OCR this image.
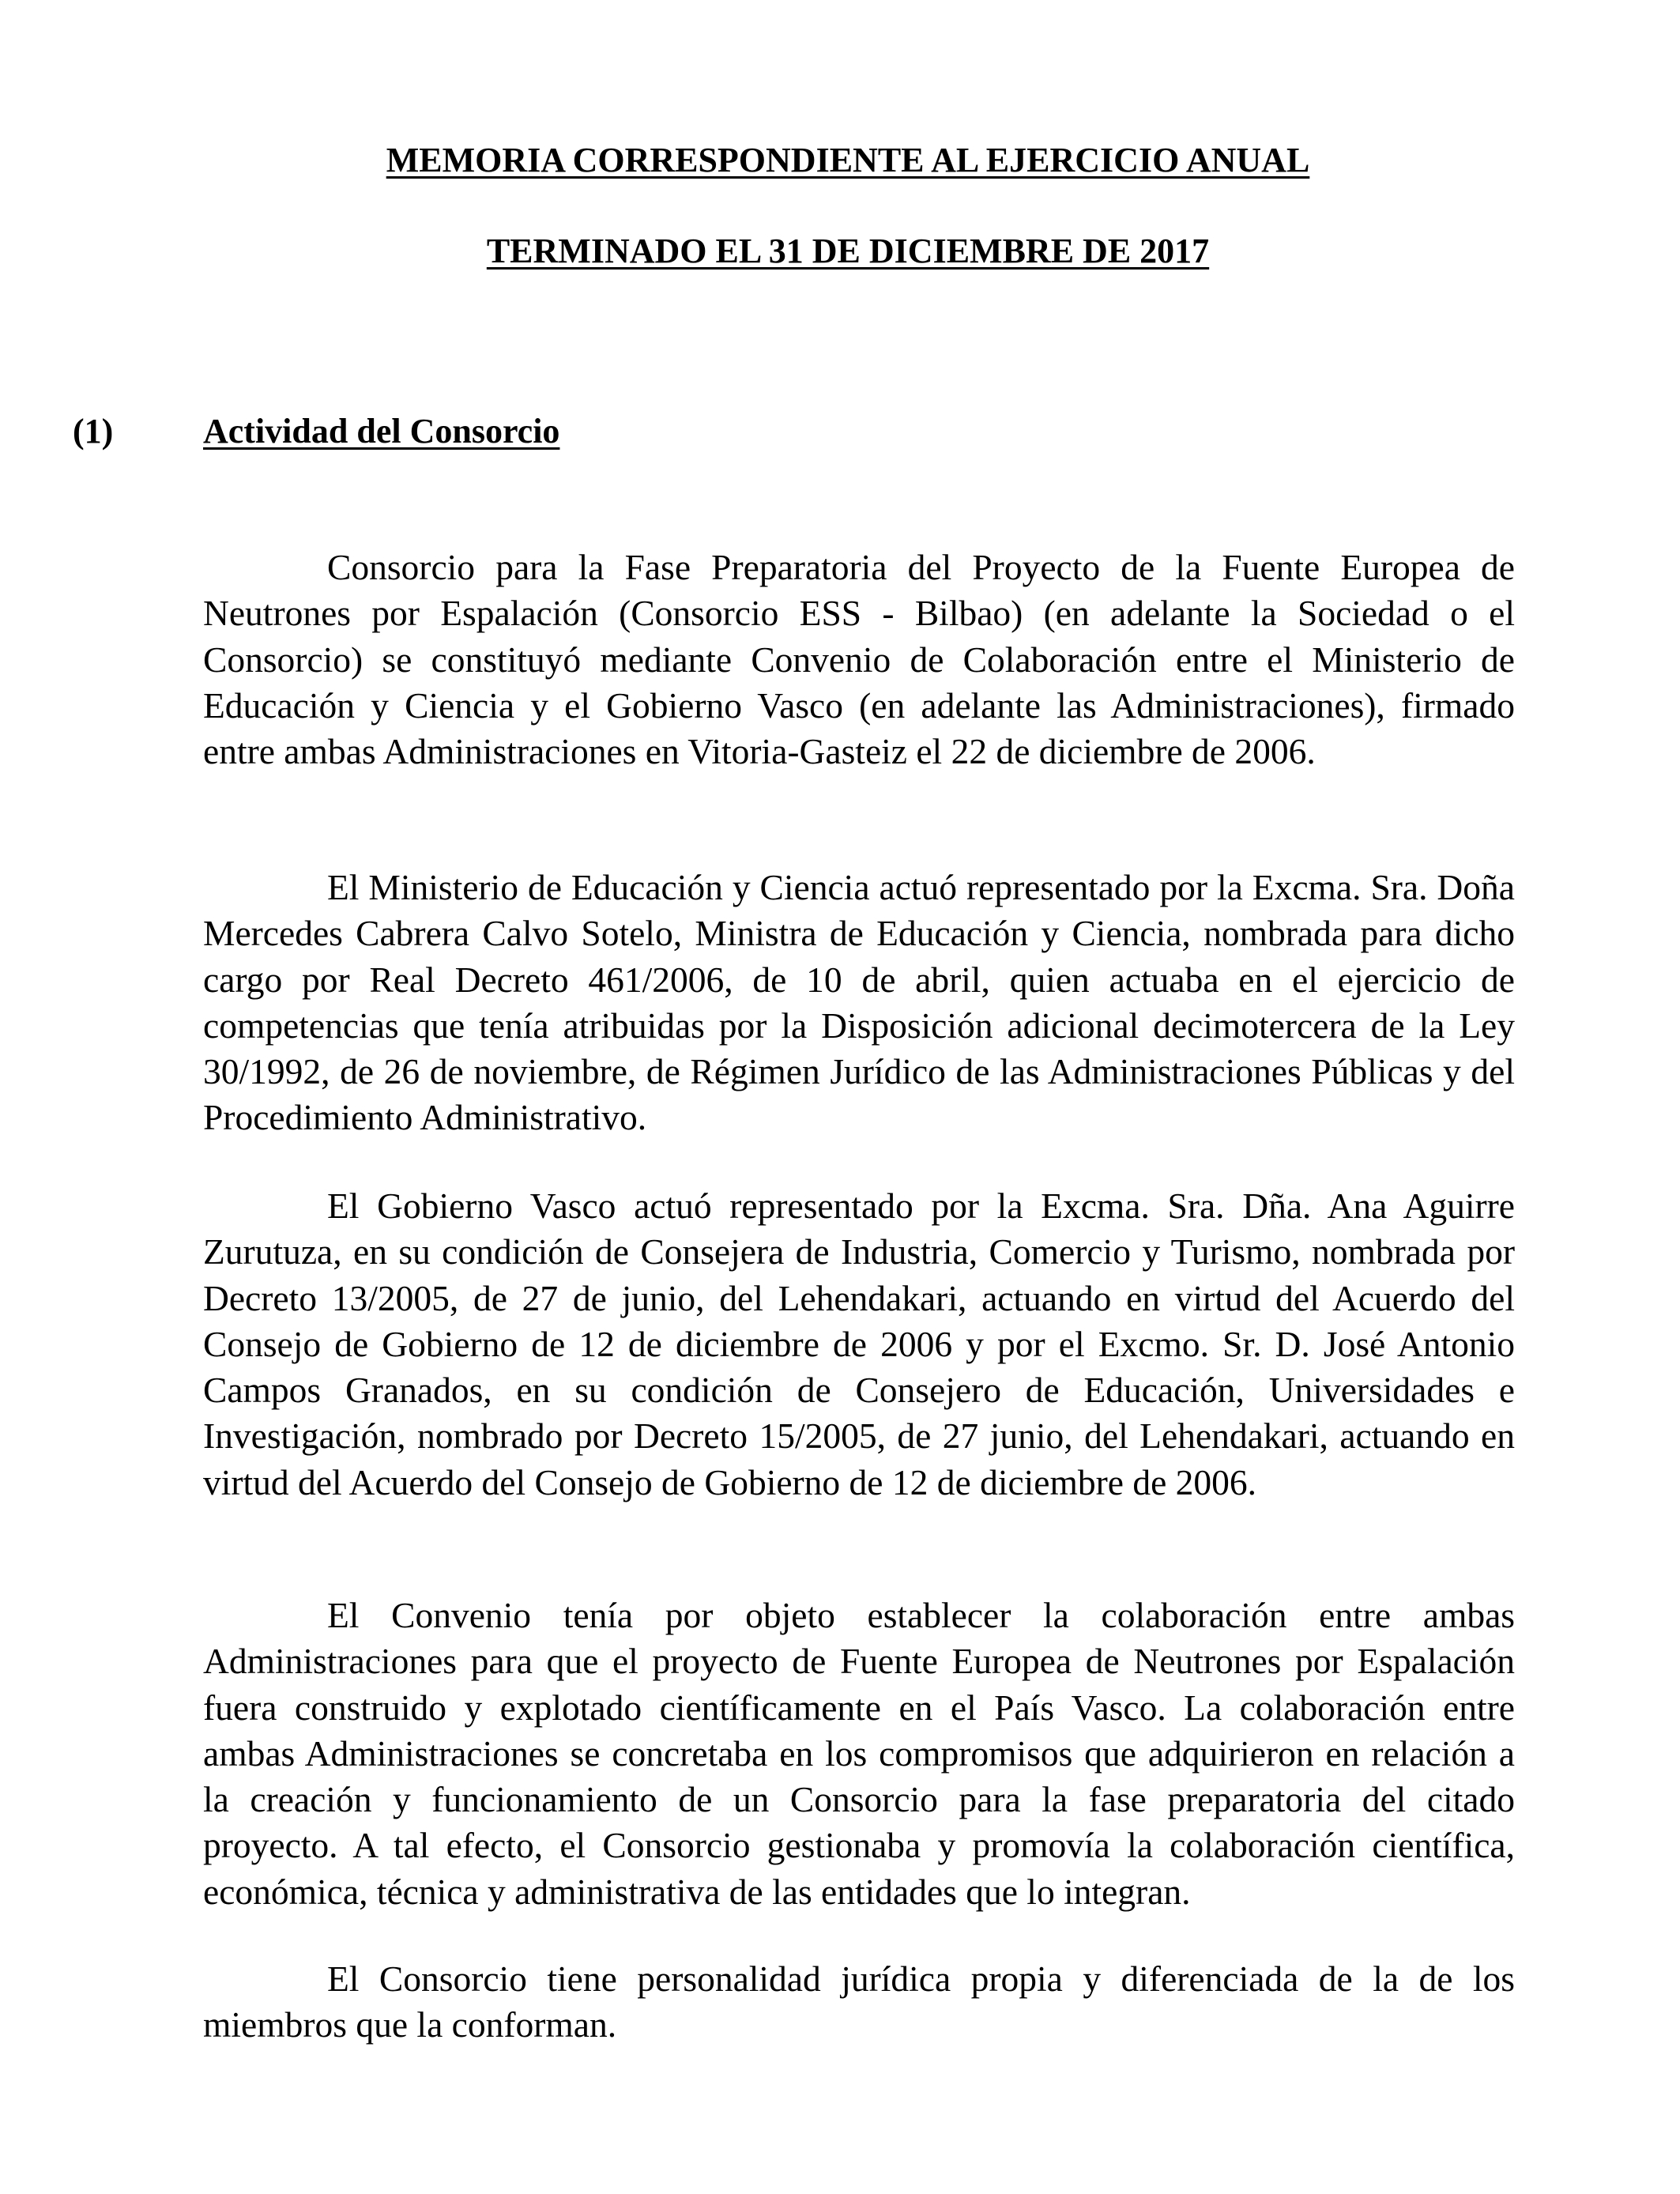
MEMORIA CORRESPONDIENTE AL EJERCICIO ANUAL
TERMINADO EL 31 DE DICIEMBRE DE 2017
(1)	Actividad del Consorcio

Consorcio para la Fase Preparatoria del Proyecto de la Fuente Europea de Neutrones por Espalación (Consorcio ESS - Bilbao) (en adelante la Sociedad o el Consorcio) se constituyó mediante Convenio de Colaboración entre el Ministerio de Educación y Ciencia y el Gobierno Vasco (en adelante las Administraciones), firmado entre ambas Administraciones en Vitoria-Gasteiz el 22 de diciembre de 2006.

El Ministerio de Educación y Ciencia actuó representado por la Excma. Sra. Doña Mercedes Cabrera Calvo Sotelo, Ministra de Educación y Ciencia, nombrada para dicho cargo por Real Decreto 461/2006, de 10 de abril, quien actuaba en el ejercicio de competencias que tenía atribuidas por la Disposición adicional decimotercera de la Ley 30/1992, de 26 de noviembre, de Régimen Jurídico de las Administraciones Públicas y del Procedimiento Administrativo.

El Gobierno Vasco actuó representado por la Excma. Sra. Dña. Ana Aguirre Zurutuza, en su condición de Consejera de Industria, Comercio y Turismo, nombrada por Decreto 13/2005, de 27 de junio, del Lehendakari, actuando en virtud del Acuerdo del Consejo de Gobierno de 12 de diciembre de 2006 y por el Excmo. Sr. D. José Antonio Campos Granados, en su condición de Consejero de Educación, Universidades e Investigación, nombrado por Decreto 15/2005, de 27 junio, del Lehendakari, actuando en virtud del Acuerdo del Consejo de Gobierno de 12 de diciembre de 2006.

El Convenio tenía por objeto establecer la colaboración entre ambas Administraciones para que el proyecto de Fuente Europea de Neutrones por Espalación fuera construido y explotado científicamente en el País Vasco. La colaboración entre ambas Administraciones se concretaba en los compromisos que adquirieron en relación a la creación y funcionamiento de un Consorcio para la fase preparatoria del citado proyecto. A tal efecto, el Consorcio gestionaba y promovía la colaboración científica, económica, técnica y administrativa de las entidades que lo integran.

El Consorcio tiene personalidad jurídica propia y diferenciada de la de los miembros que la conforman.
